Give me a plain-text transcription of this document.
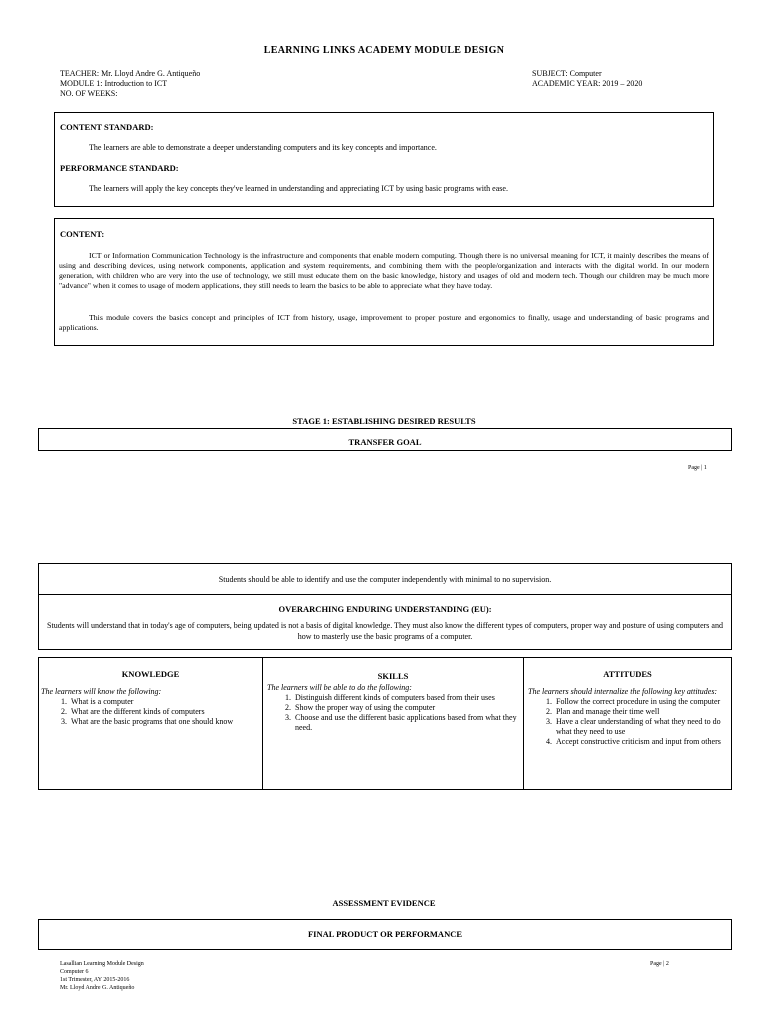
LEARNING LINKS ACADEMY MODULE DESIGN
TEACHER: Mr. Lloyd Andre G. Antiqueño
MODULE 1: Introduction to ICT
NO. OF WEEKS:
SUBJECT: Computer
ACADEMIC YEAR: 2019 – 2020
CONTENT STANDARD:
The learners are able to demonstrate a deeper understanding computers and its key concepts and importance.
PERFORMANCE STANDARD:
The learners will apply the key concepts they've learned in understanding and appreciating ICT by using basic programs with ease.
CONTENT:
ICT or Information Communication Technology is the infrastructure and components that enable modern computing. Though there is no universal meaning for ICT, it mainly describes the means of using and describing devices, using network components, application and system requirements, and combining them with the people/organization and interacts with the digital world. In our modern generation, with children who are very into the use of technology, we still must educate them on the basic knowledge, history and usages of old and modern tech. Though our children may be much more "advance" when it comes to usage of modern applications, they still needs to learn the basics to be able to appreciate what they have today.
This module covers the basics concept and principles of ICT from history, usage, improvement to proper posture and ergonomics to finally, usage and understanding of basic programs and applications.
STAGE 1: ESTABLISHING DESIRED RESULTS
TRANSFER GOAL
Page | 1
Students should be able to identify and use the computer independently with minimal to no supervision.
OVERARCHING ENDURING UNDERSTANDING (EU):
Students will understand that in today's age of computers, being updated is not a basis of digital knowledge. They must also know the different types of computers, proper way and posture of using computers and how to masterly use the basic programs of a computer.
KNOWLEDGE
The learners will know the following:
1. What is a computer
2. What are the different kinds of computers
3. What are the basic programs that one should know
SKILLS
The learners will be able to do the following:
1. Distinguish different kinds of computers based from their uses
2. Show the proper way of using the computer
3. Choose and use the different basic applications based from what they need.
ATTITUDES
The learners should internalize the following key attitudes:
1. Follow the correct procedure in using the computer
2. Plan and manage their time well
3. Have a clear understanding of what they need to do what they need to use
4. Accept constructive criticism and input from others
ASSESSMENT EVIDENCE
FINAL PRODUCT OR PERFORMANCE
Lasallian Learning Module Design
Computer 6
1st Trimester, AY 2015-2016
Mr. Lloyd Andre G. Antiqueño
Page | 2
